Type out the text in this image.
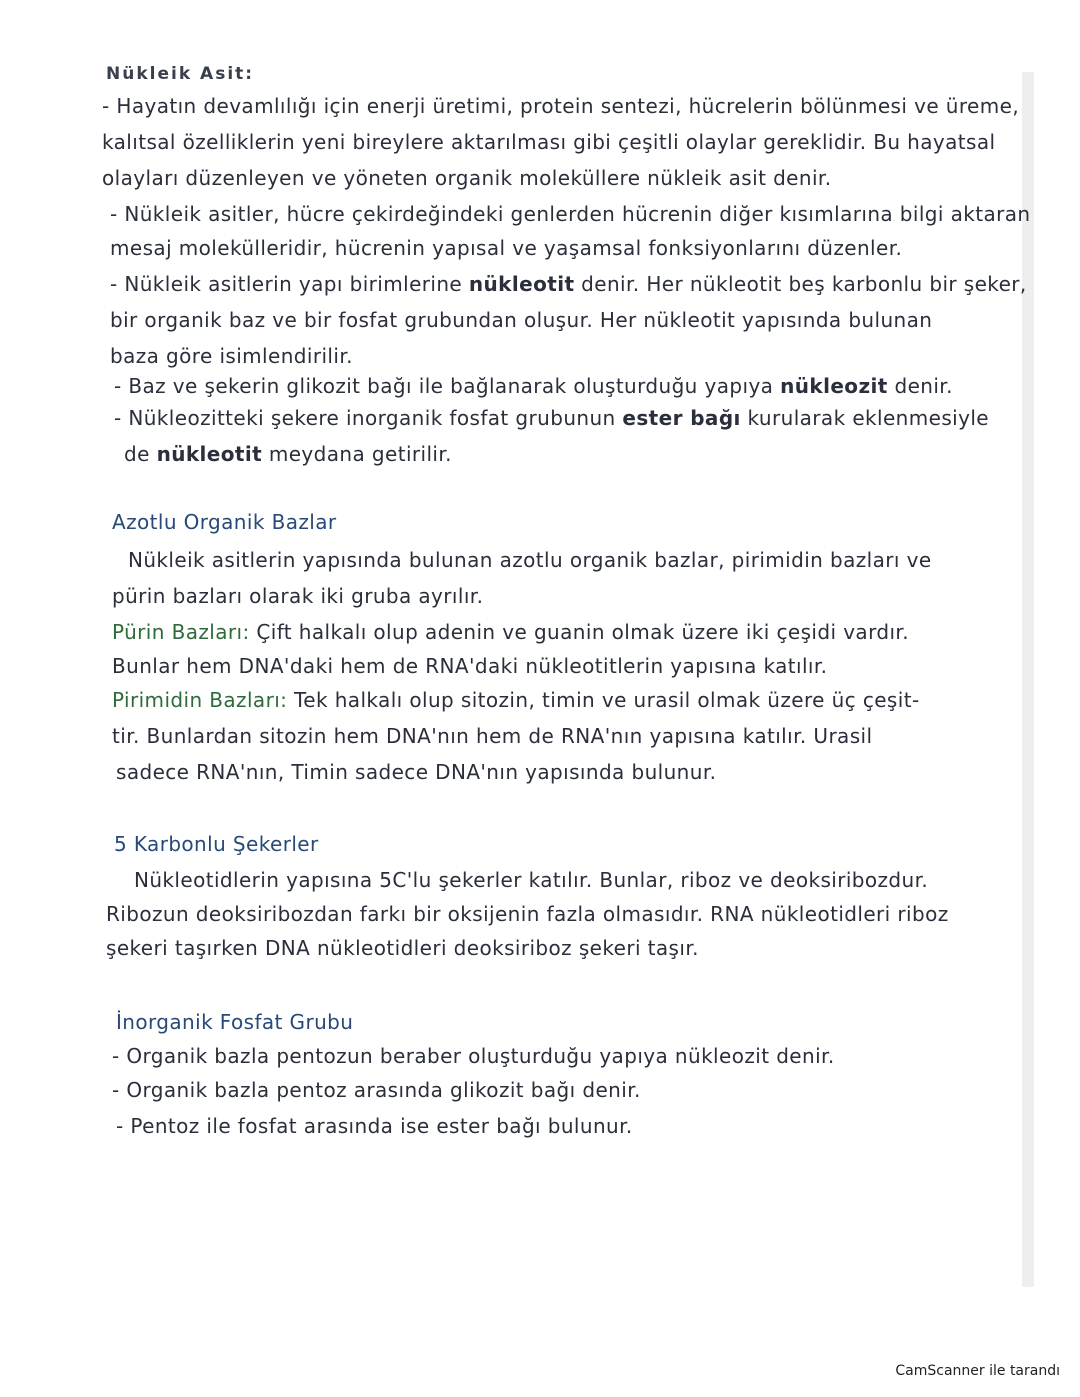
Nükleik Asit:
- Hayatın devamlılığı için enerji üretimi, protein sentezi, hücrelerin bölünmesi ve üreme,
kalıtsal özelliklerin yeni bireylere aktarılması gibi çeşitli olaylar gereklidir. Bu hayatsal
olayları düzenleyen ve yöneten organik moleküllere nükleik asit denir.
- Nükleik asitler, hücre çekirdeğindeki genlerden hücrenin diğer kısımlarına bilgi aktaran
mesaj molekülleridir, hücrenin yapısal ve yaşamsal fonksiyonlarını düzenler.
- Nükleik asitlerin yapı birimlerine nükleotit denir. Her nükleotit beş karbonlu bir şeker,
bir organik baz ve bir fosfat grubundan oluşur. Her nükleotit yapısında bulunan
baza göre isimlendirilir.
- Baz ve şekerin glikozit bağı ile bağlanarak oluşturduğu yapıya nükleozit denir.
- Nükleozitteki şekere inorganik fosfat grubunun ester bağı kurularak eklenmesiyle
de nükleotit meydana getirilir.
Azotlu Organik Bazlar
Nükleik asitlerin yapısında bulunan azotlu organik bazlar, pirimidin bazları ve
pürin bazları olarak iki gruba ayrılır.
Pürin Bazları: Çift halkalı olup adenin ve guanin olmak üzere iki çeşidi vardır.
Bunlar hem DNA'daki hem de RNA'daki nükleotitlerin yapısına katılır.
Pirimidin Bazları: Tek halkalı olup sitozin, timin ve urasil olmak üzere üç çeşit-
tir. Bunlardan sitozin hem DNA'nın hem de RNA'nın yapısına katılır. Urasil
sadece RNA'nın, Timin sadece DNA'nın yapısında bulunur.
5 Karbonlu Şekerler
Nükleotidlerin yapısına 5C'lu şekerler katılır. Bunlar, riboz ve deoksiribozdur.
Ribozun deoksiribozdan farkı bir oksijenin fazla olmasıdır. RNA nükleotidleri riboz
şekeri taşırken DNA nükleotidleri deoksiriboz şekeri taşır.
İnorganik Fosfat Grubu
- Organik bazla pentozun beraber oluşturduğu yapıya nükleozit denir.
- Organik bazla pentoz arasında glikozit bağı denir.
- Pentoz ile fosfat arasında ise ester bağı bulunur.
CamScanner ile tarandı
